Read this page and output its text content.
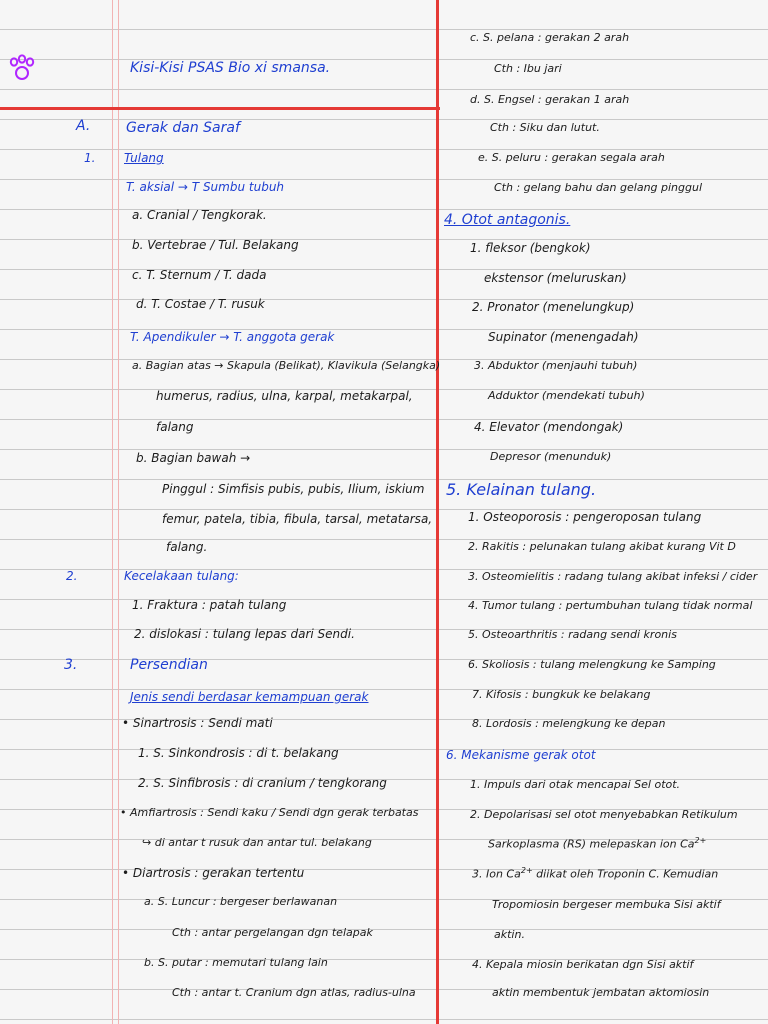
Kisi-Kisi PSAS Bio xi smansa.
A.	Gerak dan Saraf
1. Tulang
T. aksial → T Sumbu tubuh
a. Cranial / Tengkorak.
b. Vertebrae / Tul. Belakang
c. T. Sternum / T. dada
d. T. Costae / T. rusuk
T. Apendikuler → T. anggota gerak
a. Bagian atas → Skapula (Belikat), Klavikula (Selangka)
humerus, radius, ulna, karpal, metakarpal,
falang
b. Bagian bawah →
Pinggul : Simfisis pubis, pubis, Ilium, iskium
femur, patela, tibia, fibula, tarsal, metatarsa,
falang.
2.	Kecelakaan tulang:
1. Fraktura : patah tulang
2. dislokasi : tulang lepas dari Sendi.
3.	Persendian
Jenis sendi berdasar kemampuan gerak
• Sinartrosis : Sendi mati
1. S. Sinkondrosis : di t. belakang
2. S. Sinfibrosis : di cranium / tengkorang
• Amfiartrosis : Sendi kaku / Sendi dgn gerak terbatas
↪ di antar t rusuk dan antar tul. belakang
• Diartrosis : gerakan tertentu
a. S. Luncur : bergeser berlawanan
Cth : antar pergelangan dgn telapak
b. S. putar : memutari tulang lain
Cth : antar t. Cranium dgn atlas, radius-ulna
c. S. pelana : gerakan 2 arah
Cth : Ibu jari
d. S. Engsel : gerakan 1 arah
Cth : Siku dan lutut.
e. S. peluru : gerakan segala arah
Cth : gelang bahu dan gelang pinggul
4. Otot antagonis.
1. fleksor (bengkok)
ekstensor (meluruskan)
2. Pronator (menelungkup)
Supinator (menengadah)
3. Abduktor (menjauhi tubuh)
Adduktor (mendekati tubuh)
4. Elevator (mendongak)
Depresor (menunduk)
5. Kelainan tulang.
1. Osteoporosis : pengeroposan tulang
2. Rakitis : pelunakan tulang akibat kurang Vit D
3. Osteomielitis : radang tulang akibat infeksi / cider
4. Tumor tulang : pertumbuhan tulang tidak normal
5. Osteoarthritis : radang sendi kronis
6. Skoliosis : tulang melengkung ke Samping
7. Kifosis : bungkuk ke belakang
8. Lordosis : melengkung ke depan
6. Mekanisme gerak otot
1. Impuls dari otak mencapai Sel otot.
2. Depolarisasi sel otot menyebabkan Retikulum
Sarkoplasma (RS) melepaskan ion $Ca^{2+}$
3. Ion $Ca^{2+}$ diikat oleh Troponin C. Kemudian
Tropomiosin bergeser membuka Sisi aktif
aktin.
4. Kepala miosin berikatan dgn Sisi aktif
aktin membentuk jembatan aktomiosin
